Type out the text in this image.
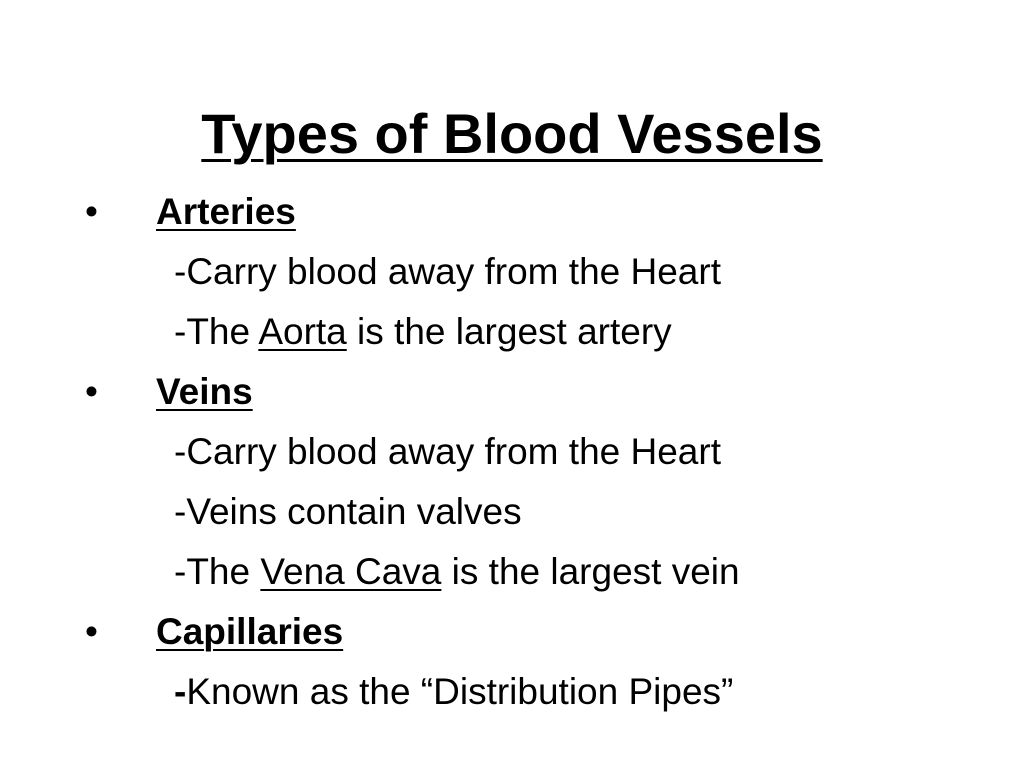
Types of Blood Vessels
• Arteries
-Carry blood away from the Heart
-The Aorta is the largest artery
• Veins
-Carry blood away from the Heart
-Veins contain valves
-The Vena Cava is the largest vein
• Capillaries
-Known as the “Distribution Pipes”
